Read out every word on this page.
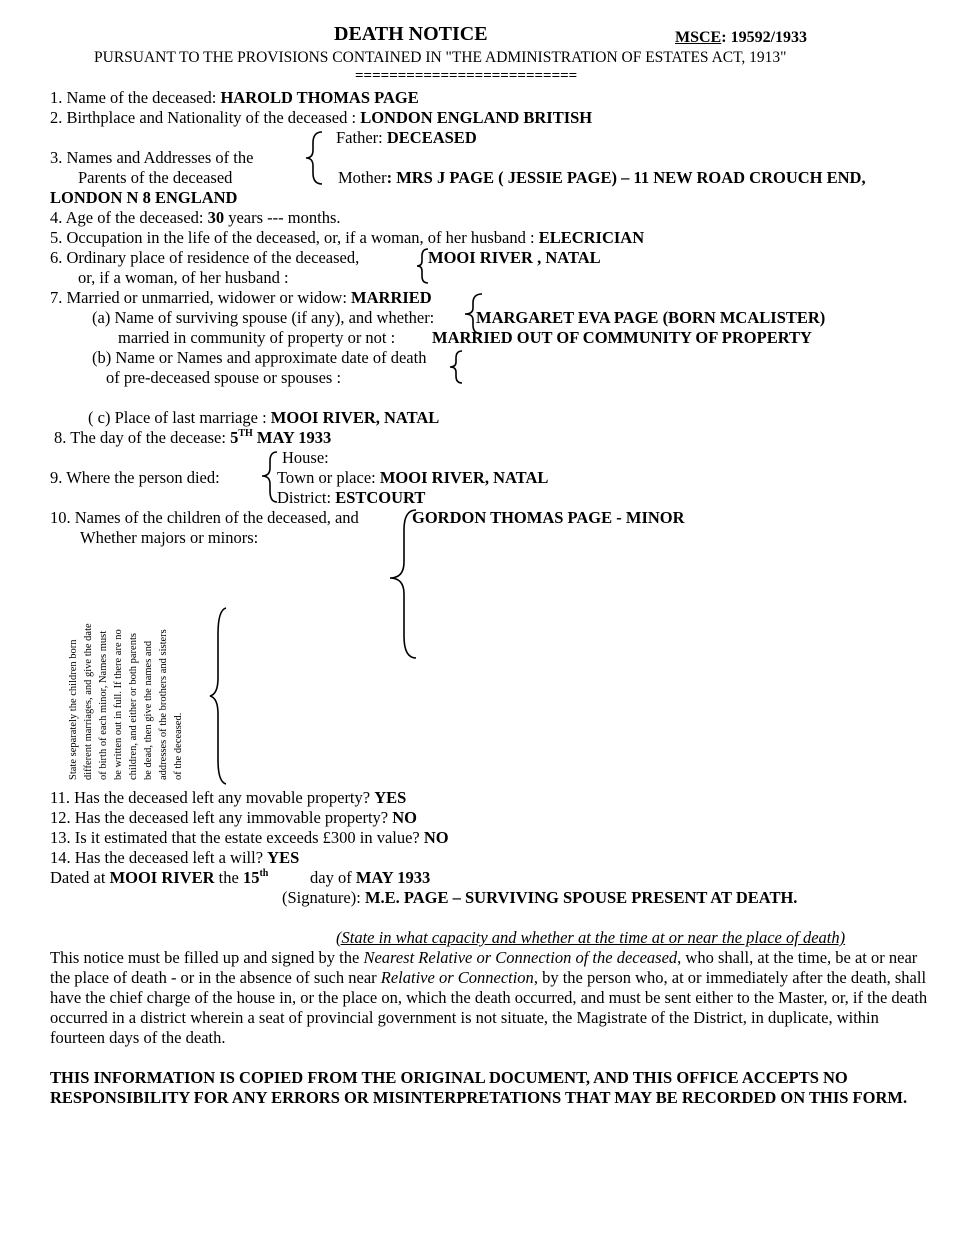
DEATH NOTICE	MSCE: 19592/1933
PURSUANT TO THE PROVISIONS CONTAINED IN "THE ADMINISTRATION OF ESTATES ACT, 1913"
==========================
1. Name of the deceased: HAROLD THOMAS PAGE
2. Birthplace and Nationality of the deceased : LONDON ENGLAND BRITISH
3. Names and Addresses of the
Parents of the deceased
Father: DECEASED
Mother: MRS J PAGE ( JESSIE PAGE) – 11 NEW ROAD CROUCH END,
LONDON N 8 ENGLAND
4. Age of the deceased: 30 years --- months.
5. Occupation in the life of the deceased, or, if a woman, of her husband : ELECRICIAN
6. Ordinary place of residence of the deceased,
or, if a woman, of her husband :
MOOI RIVER , NATAL
7. Married or unmarried, widower or widow: MARRIED
(a) Name of surviving spouse (if any), and whether:
married in community of property or not :
MARGARET EVA PAGE (BORN MCALISTER)
MARRIED OUT OF COMMUNITY OF PROPERTY
(b) Name or Names and approximate date of death
of pre-deceased spouse or spouses :
( c) Place of last marriage : MOOI RIVER, NATAL
8. The day of the decease: 5TH MAY 1933
9. Where the person died:
House:
Town or place: MOOI RIVER, NATAL
District: ESTCOURT
10. Names of the children of the deceased, and
Whether majors or minors:
GORDON THOMAS PAGE - MINOR
State separately the children born different marriages, and give the date of birth of each minor, Names must be written out in full. If there are no children, and either or both parents be dead, then give the names and addresses of the brothers and sisters of the deceased.
11. Has the deceased left any movable property? YES
12. Has the deceased left any immovable property? NO
13. Is it estimated that the estate exceeds £300 in value? NO
14. Has the deceased left a will? YES
Dated at MOOI RIVER the 15th	day of MAY 1933
(Signature): M.E. PAGE – SURVIVING SPOUSE PRESENT AT DEATH.
(State in what capacity and whether at the time at or near the place of death)
This notice must be filled up and signed by the Nearest Relative or Connection of the deceased, who shall, at the time, be at or near the place of death - or in the absence of such near Relative or Connection, by the person who, at or immediately after the death, shall have the chief charge of the house in, or the place on, which the death occurred, and must be sent either to the Master, or, if the death occurred in a district wherein a seat of provincial government is not situate, the Magistrate of the District, in duplicate, within fourteen days of the death.
THIS INFORMATION IS COPIED FROM THE ORIGINAL DOCUMENT, AND THIS OFFICE ACCEPTS NO RESPONSIBILITY FOR ANY ERRORS OR MISINTERPRETATIONS THAT MAY BE RECORDED ON THIS FORM.
